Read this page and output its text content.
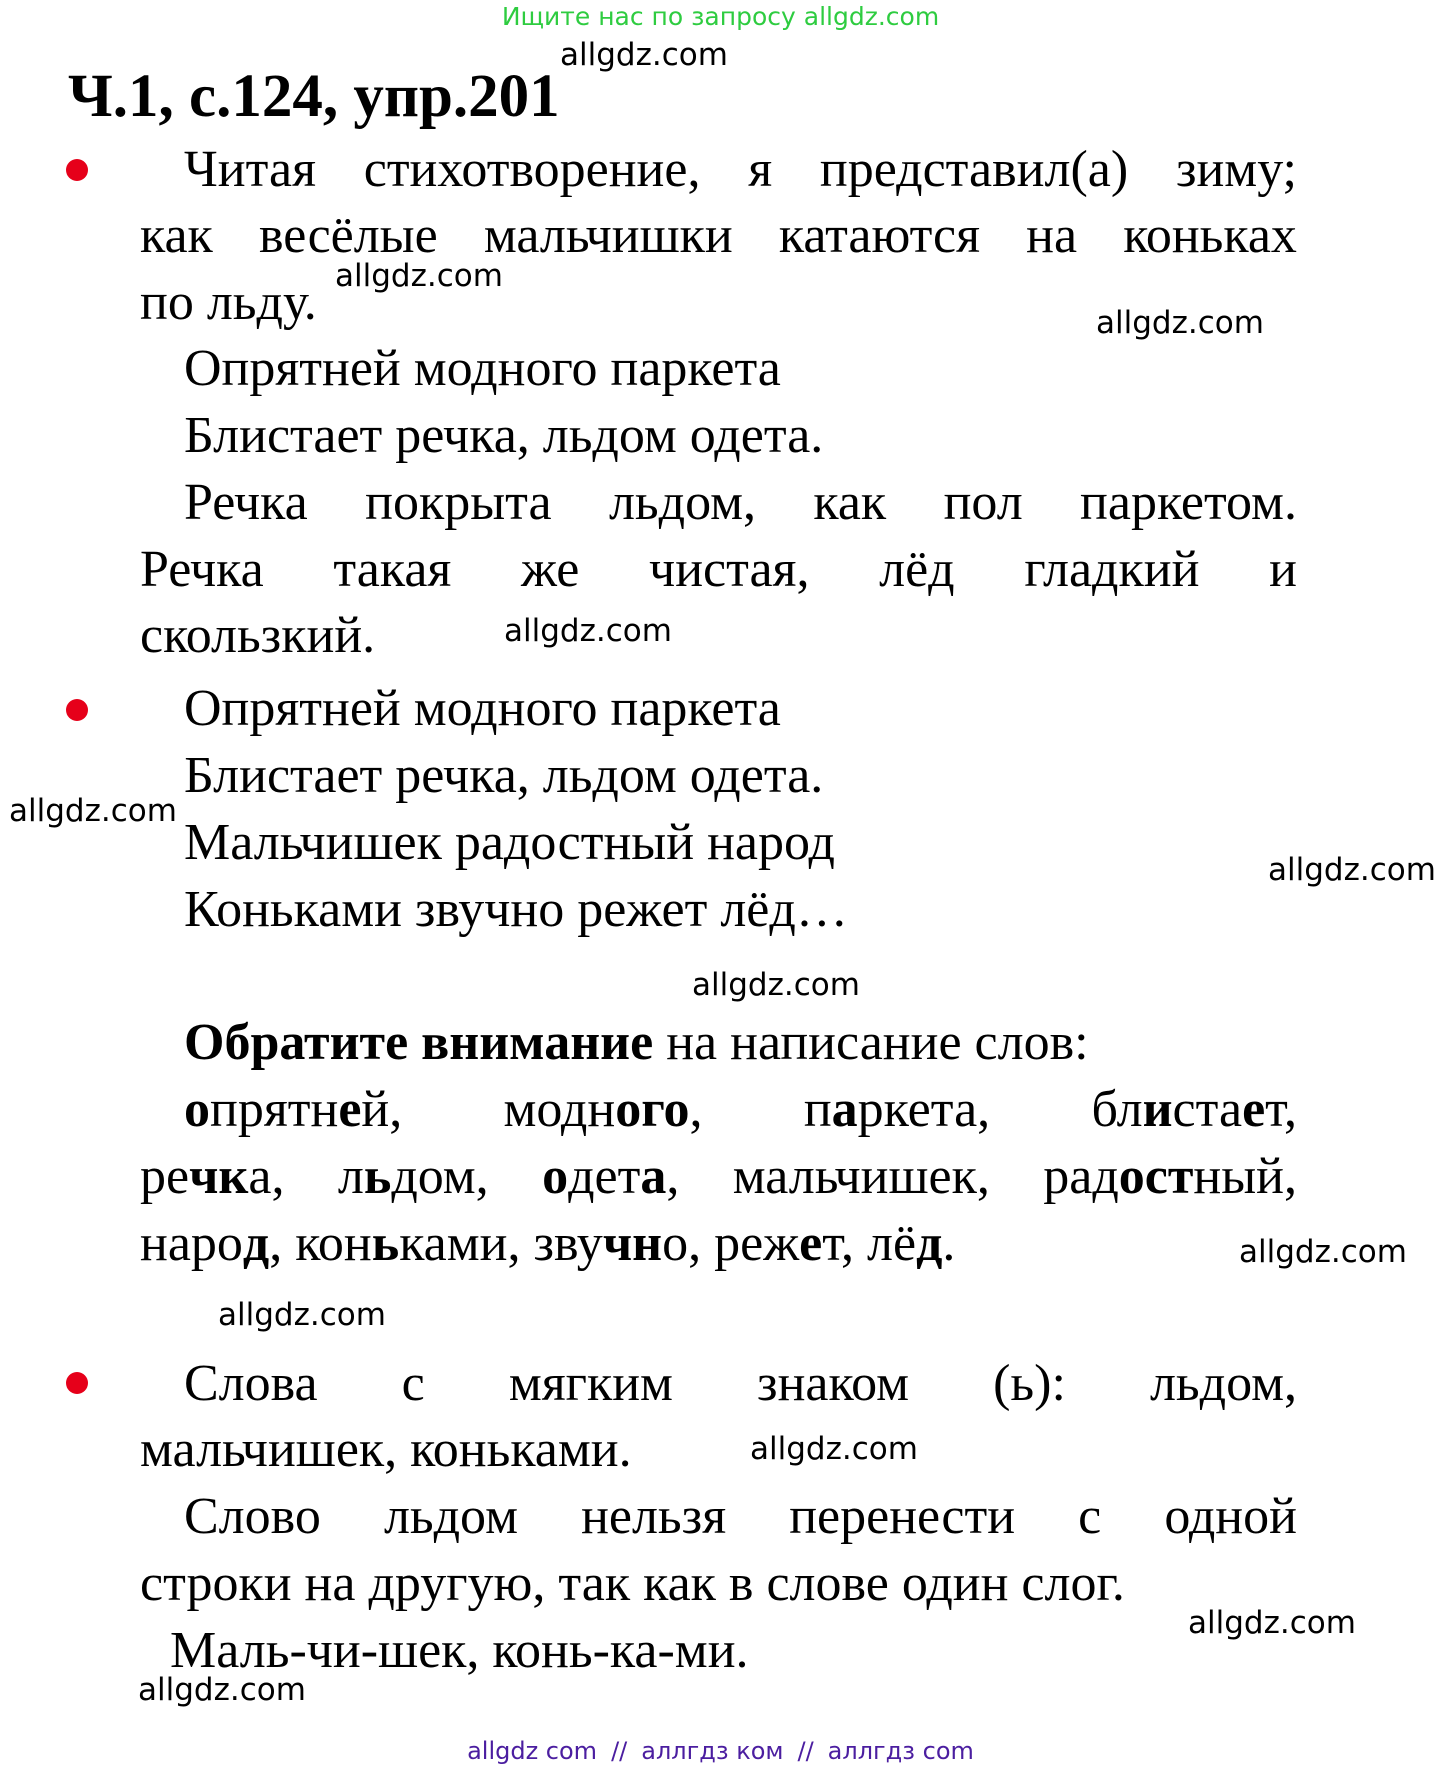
Ищите нас по запросу allgdz.com
allgdz.com
Ч.1, с.124, упр.201
Читая стихотворение, я представил(а) зиму;
как весёлые мальчишки катаются на коньках
по льду. allgdz.com
allgdz.com
Опрятней модного паркета
Блистает речка, льдом одета.
Речка покрыта льдом, как пол паркетом.
Речка такая же чистая, лёд гладкий и
скользкий.	allgdz.com
Опрятней модного паркета
Блистает речка, льдом одета.
allgdz.com
Мальчишек радостный народ	allgdz.com
Коньками звучно режет лёд…
allgdz.com
Обратите внимание на написание слов:
опрятней, модного, паркета, блистает,
речка, льдом, одета, мальчишек, радостный,
народ, коньками, звучно, режет, лёд.	allgdz.com
allgdz.com
Слова с мягким знаком (ь): льдом,
мальчишек, коньками.	allgdz.com
Слово льдом нельзя перенести с одной
строки на другую, так как в слове один слог.
allgdz.com
Маль-чи-шек, конь-ка-ми.
allgdz.com
allgdz com // аллгдз ком // аллгдз com
